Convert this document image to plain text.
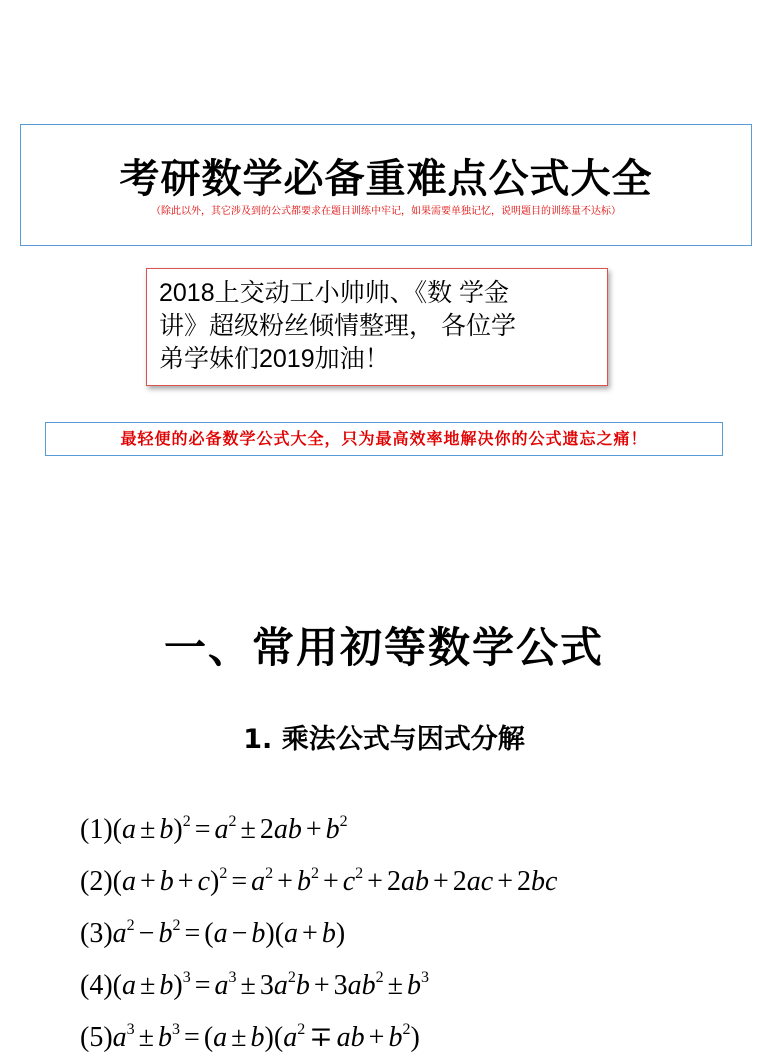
考研数学必备重难点公式大全
（除此以外，其它涉及到的公式都要求在题目训练中牢记，如果需要单独记忆，说明题目的训练量不达标）
2018上交动工小帅帅、《数 学金
讲》超级粉丝倾情整理， 各位学
弟学妹们2019加油！
最轻便的必备数学公式大全，只为最高效率地解决你的公式遗忘之痛！
一、常用初等数学公式
1. 乘法公式与因式分解
$(1)(a \pm b)^2 = a^2 \pm 2ab + b^2$
$(2)(a + b + c)^2 = a^2 + b^2 + c^2 + 2ab + 2ac + 2bc$
$(3)a^2 - b^2 = (a - b)(a + b)$
$(4)(a \pm b)^3 = a^3 \pm 3a^2b + 3ab^2 \pm b^3$
$(5)a^3 \pm b^3 = (a \pm b)(a^2$ ∓ ab + $b^2$)
